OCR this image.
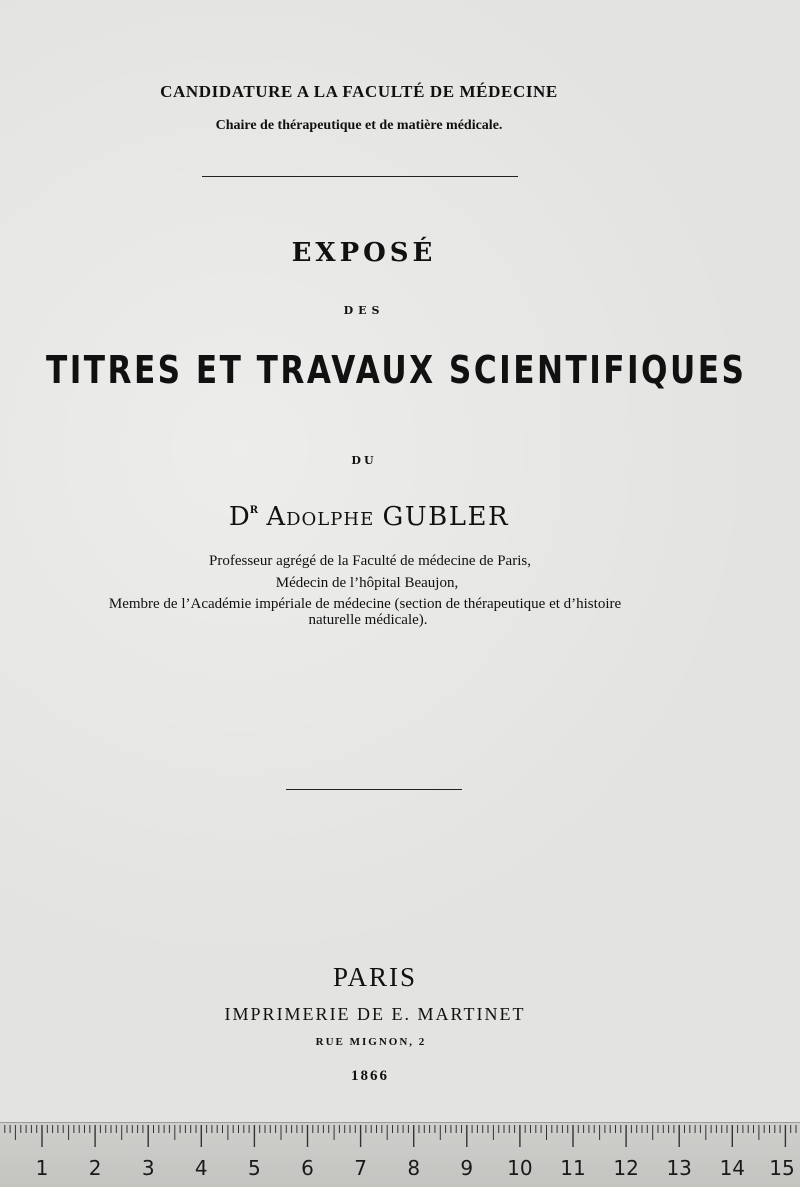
CANDIDATURE A LA FACULTÉ DE MÉDECINE
Chaire de thérapeutique et de matière médicale.
EXPOSÉ
DES
TITRES ET TRAVAUX SCIENTIFIQUES
DU
$D^R$ Adolphe GUBLER
Professeur agrégé de la Faculté de médecine de Paris,
Médecin de l’hôpital Beaujon,
Membre de l’Académie impériale de médecine (section de thérapeutique et d’histoire
naturelle médicale).
PARIS
IMPRIMERIE DE E. MARTINET
RUE MIGNON, 2
1866
1 2 3 4 5 6 7 8 9 10 11 12 13 14 15
